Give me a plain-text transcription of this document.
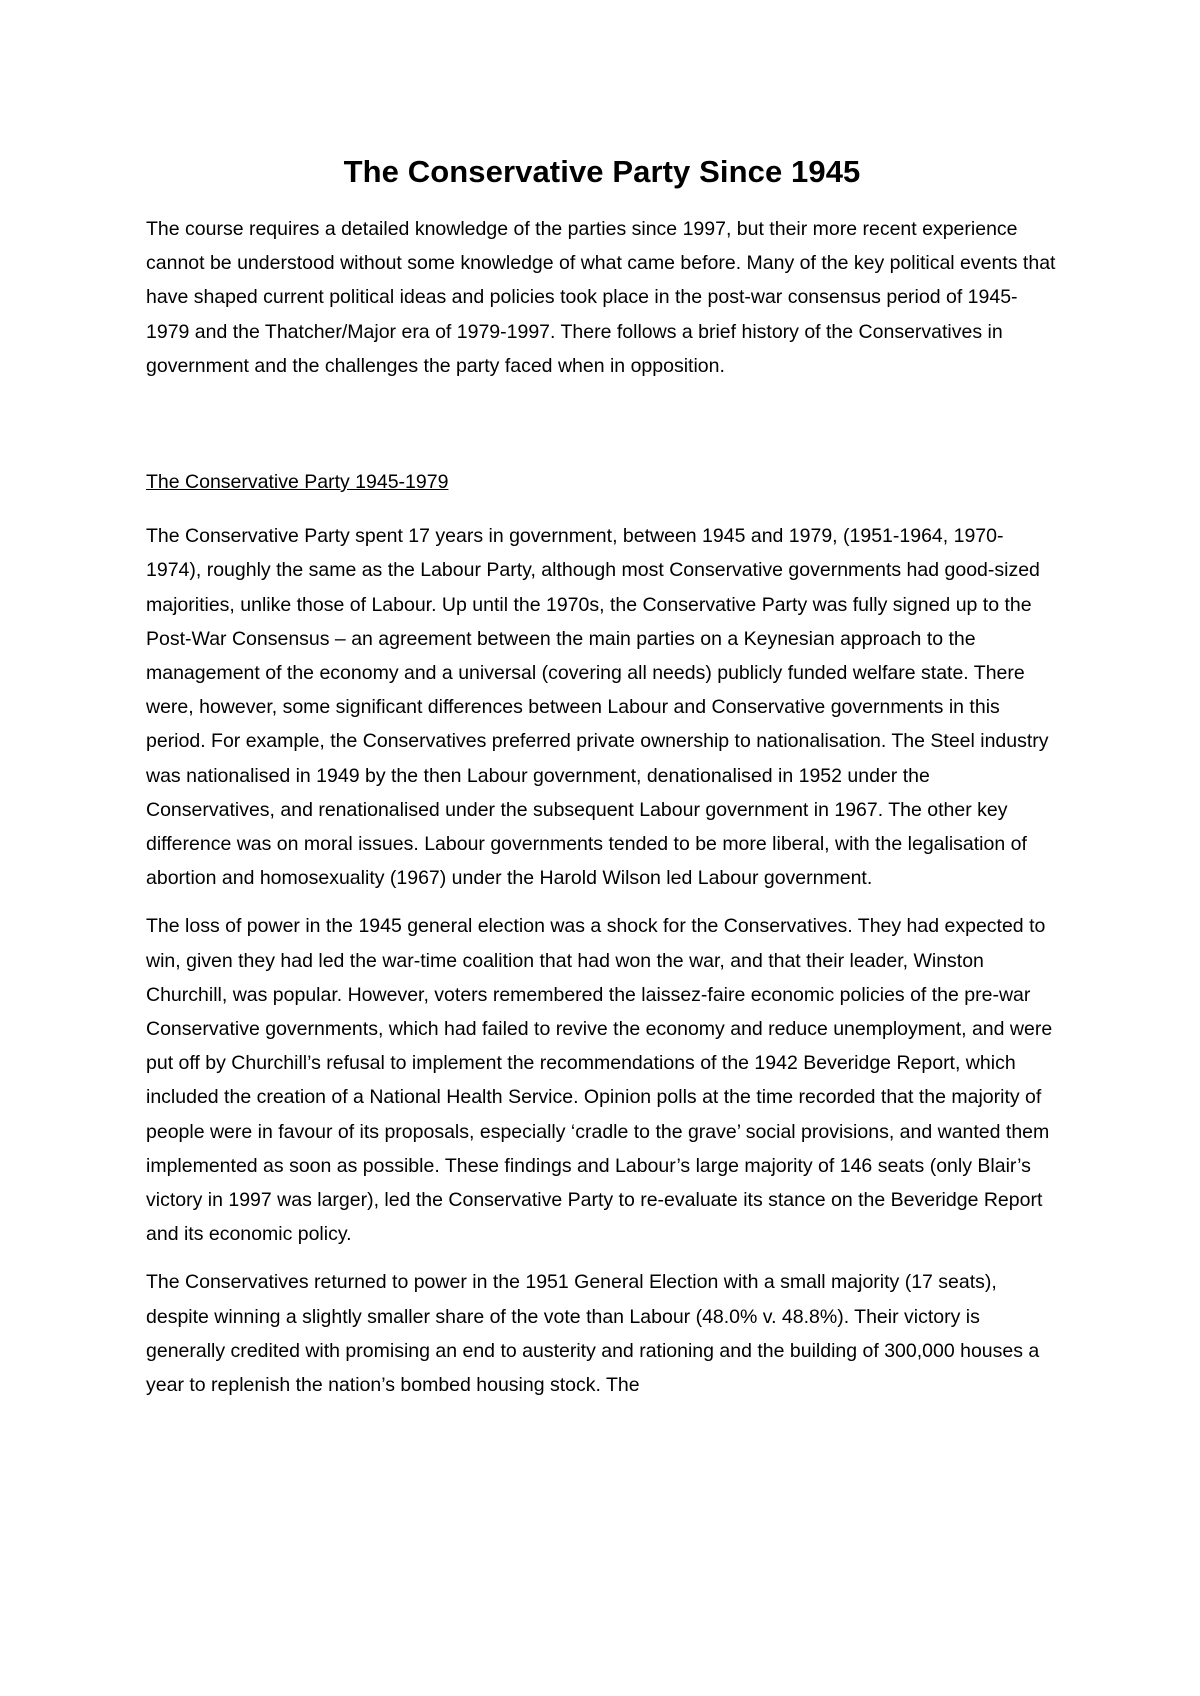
The Conservative Party Since 1945

The course requires a detailed knowledge of the parties since 1997, but their more recent experience cannot be understood without some knowledge of what came before. Many of the key political events that have shaped current political ideas and policies took place in the post-war consensus period of 1945-1979 and the Thatcher/Major era of 1979-1997. There follows a brief history of the Conservatives in government and the challenges the party faced when in opposition.

The Conservative Party 1945-1979

The Conservative Party spent 17 years in government, between 1945 and 1979, (1951-1964, 1970-1974), roughly the same as the Labour Party, although most Conservative governments had good-sized majorities, unlike those of Labour. Up until the 1970s, the Conservative Party was fully signed up to the Post-War Consensus – an agreement between the main parties on a Keynesian approach to the management of the economy and a universal (covering all needs) publicly funded welfare state. There were, however, some significant differences between Labour and Conservative governments in this period. For example, the Conservatives preferred private ownership to nationalisation. The Steel industry was nationalised in 1949 by the then Labour government, denationalised in 1952 under the Conservatives, and renationalised under the subsequent Labour government in 1967. The other key difference was on moral issues. Labour governments tended to be more liberal, with the legalisation of abortion and homosexuality (1967) under the Harold Wilson led Labour government.

The loss of power in the 1945 general election was a shock for the Conservatives. They had expected to win, given they had led the war-time coalition that had won the war, and that their leader, Winston Churchill, was popular. However, voters remembered the laissez-faire economic policies of the pre-war Conservative governments, which had failed to revive the economy and reduce unemployment, and were put off by Churchill’s refusal to implement the recommendations of the 1942 Beveridge Report, which included the creation of a National Health Service. Opinion polls at the time recorded that the majority of people were in favour of its proposals, especially ‘cradle to the grave’ social provisions, and wanted them implemented as soon as possible. These findings and Labour’s large majority of 146 seats (only Blair’s victory in 1997 was larger), led the Conservative Party to re-evaluate its stance on the Beveridge Report and its economic policy.

The Conservatives returned to power in the 1951 General Election with a small majority (17 seats), despite winning a slightly smaller share of the vote than Labour (48.0% v. 48.8%). Their victory is generally credited with promising an end to austerity and rationing and the building of 300,000 houses a year to replenish the nation’s bombed housing stock. The
